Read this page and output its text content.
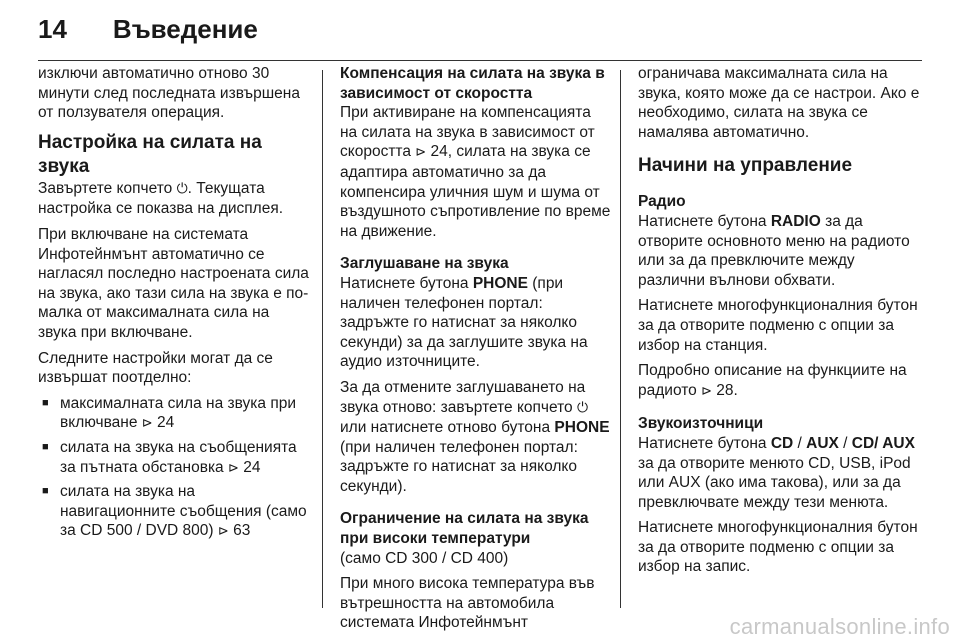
14 Въведение

изключи автоматично отново 30 минути след последната извършена от ползувателя операция.

Настройка на силата на звука

Завъртете копчето ⏻. Текущата настройка се показва на дисплея.

При включване на системата Инфотейнмънт автоматично се нагласял последно настроената сила на звука, ако тази сила на звука е по-малка от максималната сила на звука при включване.

Следните настройки могат да се извършат поотделно:

■ максималната сила на звука при включване ⊳ 24
■ силата на звука на съобщенията за пътната обстановка ⊳ 24
■ силата на звука на навигационните съобщения (само за CD 500 / DVD 800) ⊳ 63
Компенсация на силата на звука в зависимост от скоростта

При активиране на компенсацията на силата на звука в зависимост от скоростта ⊳ 24, силата на звука се адаптира автоматично за да компенсира уличния шум и шума от въздушното съпротивление по време на движение.

Заглушаване на звука

Натиснете бутона PHONE (при наличен телефонен портал: задръжте го натиснат за няколко секунди) за да заглушите звука на аудио източниците.

За да отмените заглушаването на звука отново: завъртете копчето ⏻ или натиснете отново бутона PHONE (при наличен телефонен портал: задръжте го натиснат за няколко секунди).

Ограничение на силата на звука при високи температури

(само CD 300 / CD 400)

При много висока температура във вътрешността на автомобила системата Инфотейнмънт

ограничава максималната сила на звука, която може да се настрои. Ако е необходимо, силата на звука се намалява автоматично.

Начини на управление
Радио

Натиснете бутона RADIO за да отворите основното меню на радиото или за да превключите между различни вълнови обхвати.

Натиснете многофункционалния бутон за да отворите подменю с опции за избор на станция.

Подробно описание на функциите на радиото ⊳ 28.

Звукоизточници

Натиснете бутона CD / AUX / CD/ AUX за да отворите менюто CD, USB, iPod или AUX (ако има такова), или за да превключвате между тези менюта.

Натиснете многофункционалния бутон за да отворите подменю с опции за избор на запис.

carmanualsonline.info
